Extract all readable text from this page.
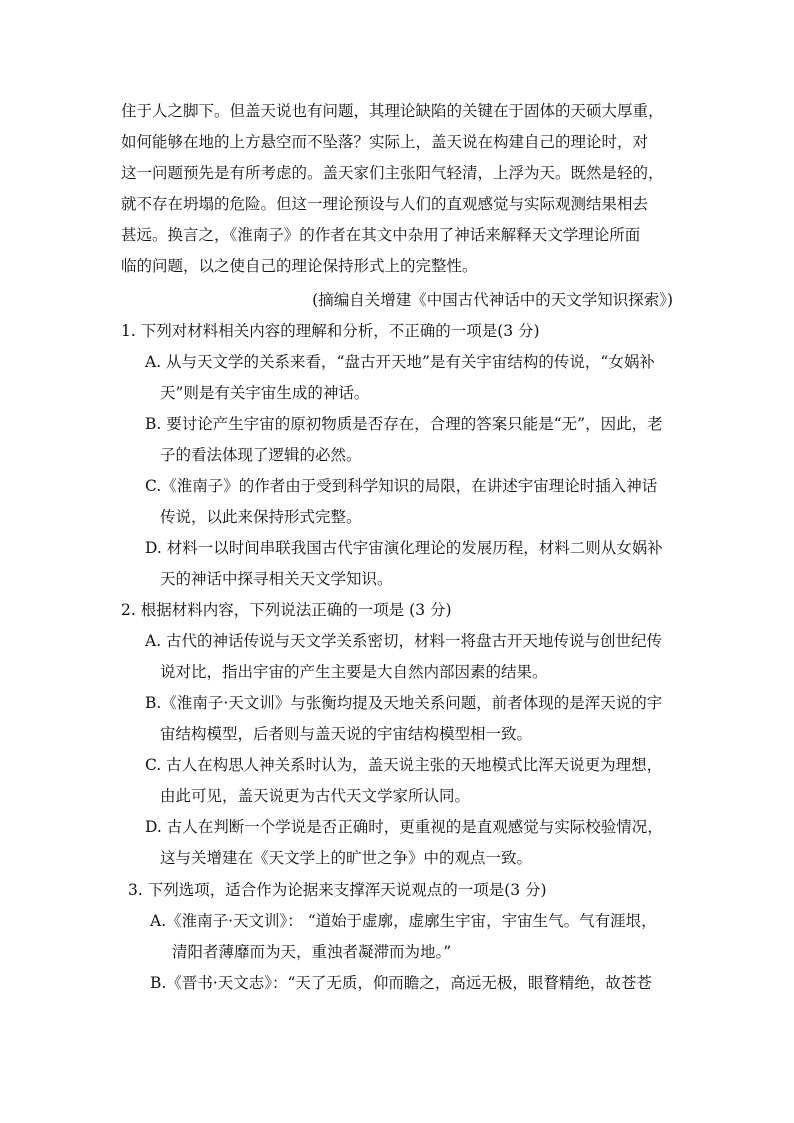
住于人之脚下。但盖天说也有问题，其理论缺陷的关键在于固体的天硕大厚重，
如何能够在地的上方悬空而不坠落？实际上，盖天说在构建自己的理论时，对
这一问题预先是有所考虑的。盖天家们主张阳气轻清，上浮为天。既然是轻的，
就不存在坍塌的危险。但这一理论预设与人们的直观感觉与实际观测结果相去
甚远。换言之，《淮南子》的作者在其文中杂用了神话来解释天文学理论所面
临的问题，以之使自己的理论保持形式上的完整性。
(摘编自关增建《中国古代神话中的天文学知识探索》)
1. 下列对材料相关内容的理解和分析，不正确的一项是(3 分)
A. 从与天文学的关系来看，“盘古开天地”是有关宇宙结构的传说，“女娲补
天”则是有关宇宙生成的神话。
B. 要讨论产生宇宙的原初物质是否存在，合理的答案只能是“无”，因此，老
子的看法体现了逻辑的必然。
C.《淮南子》的作者由于受到科学知识的局限，在讲述宇宙理论时插入神话
传说，以此来保持形式完整。
D. 材料一以时间串联我国古代宇宙演化理论的发展历程，材料二则从女娲补
天的神话中探寻相关天文学知识。
2. 根据材料内容，下列说法正确的一项是 (3 分)
A. 古代的神话传说与天文学关系密切，材料一将盘古开天地传说与创世纪传
说对比，指出宇宙的产生主要是大自然内部因素的结果。
B.《淮南子·天文训》与张衡均提及天地关系问题，前者体现的是浑天说的宇
宙结构模型，后者则与盖天说的宇宙结构模型相一致。
C. 古人在构思人神关系时认为，盖天说主张的天地模式比浑天说更为理想，
由此可见，盖天说更为古代天文学家所认同。
D. 古人在判断一个学说是否正确时，更重视的是直观感觉与实际校验情况，
这与关增建在《天文学上的旷世之争》中的观点一致。
3. 下列选项，适合作为论据来支撑浑天说观点的一项是(3 分)
A.《淮南子·天文训》： “道始于虚廓，虚廓生宇宙，宇宙生气。气有涯垠，
清阳者薄靡而为天，重浊者凝滞而为地。”
B.《晋书·天文志》：“天了无质，仰而瞻之，高远无极，眼瞀精绝，故苍苍
